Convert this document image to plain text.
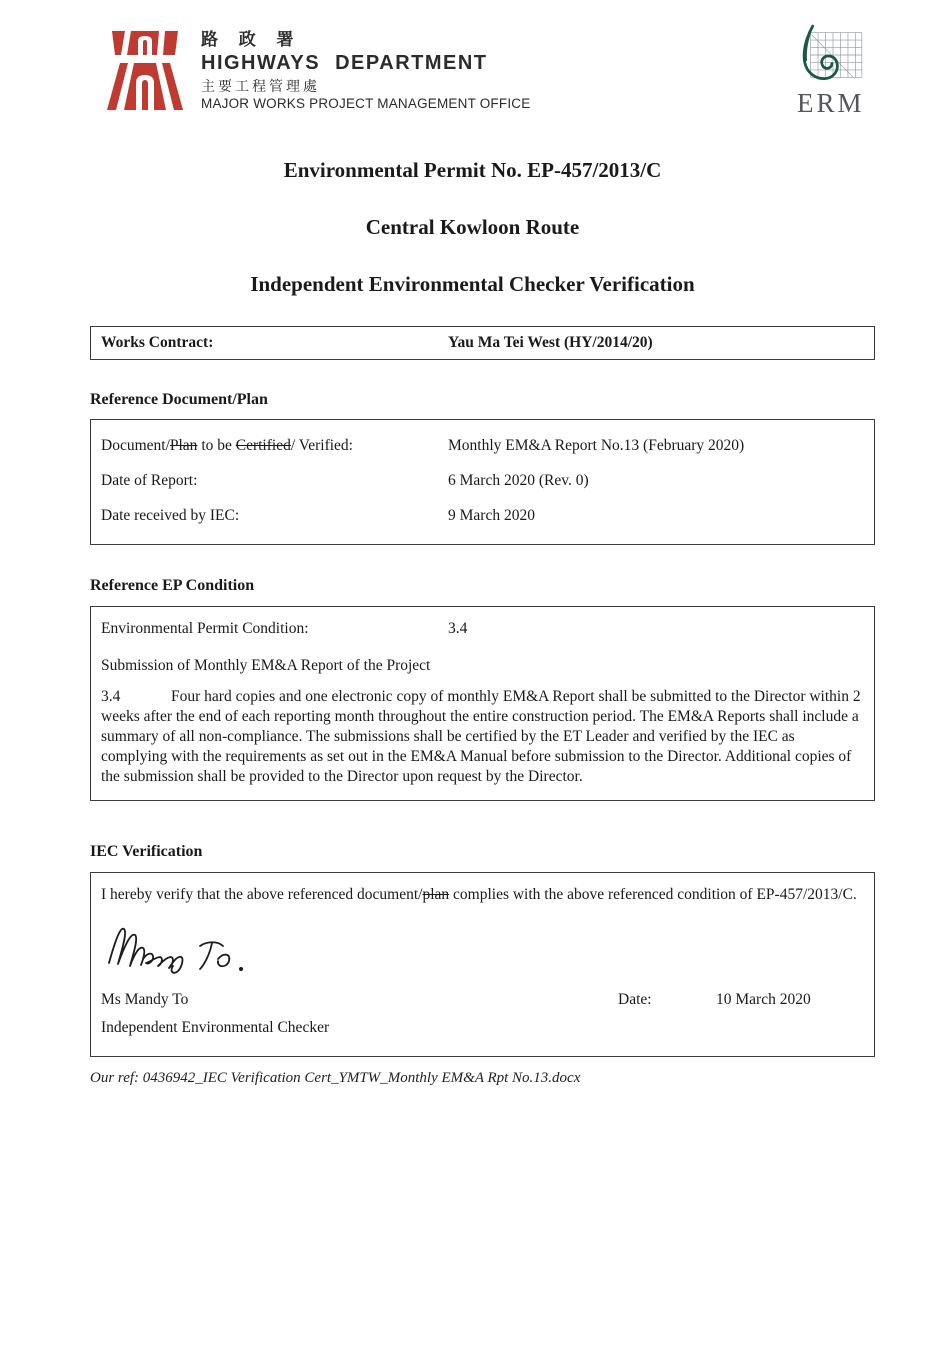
路 政 署
HIGHWAYS DEPARTMENT
主要工程管理處
MAJOR WORKS PROJECT MANAGEMENT OFFICE	ERM
Environmental Permit No. EP-457/2013/C
Central Kowloon Route
Independent Environmental Checker Verification
Works Contract:	Yau Ma Tei West (HY/2014/20)
Reference Document/Plan
Document/Plan to be Certified/ Verified:	Monthly EM&A Report No.13 (February 2020)
Date of Report:	6 March 2020 (Rev. 0)
Date received by IEC:	9 March 2020
Reference EP Condition
Environmental Permit Condition:	3.4
Submission of Monthly EM&A Report of the Project

3.4	Four hard copies and one electronic copy of monthly EM&A Report shall be submitted to the Director within 2 weeks after the end of each reporting month throughout the entire construction period. The EM&A Reports shall include a summary of all non-compliance. The submissions shall be certified by the ET Leader and verified by the IEC as complying with the requirements as set out in the EM&A Manual before submission to the Director. Additional copies of the submission shall be provided to the Director upon request by the Director.

IEC Verification
I hereby verify that the above referenced document/plan complies with the above referenced condition of EP-457/2013/C.
Ms Mandy To	Date:	10 March 2020
Independent Environmental Checker
Our ref: 0436942_IEC Verification Cert_YMTW_Monthly EM&A Rpt No.13.docx
